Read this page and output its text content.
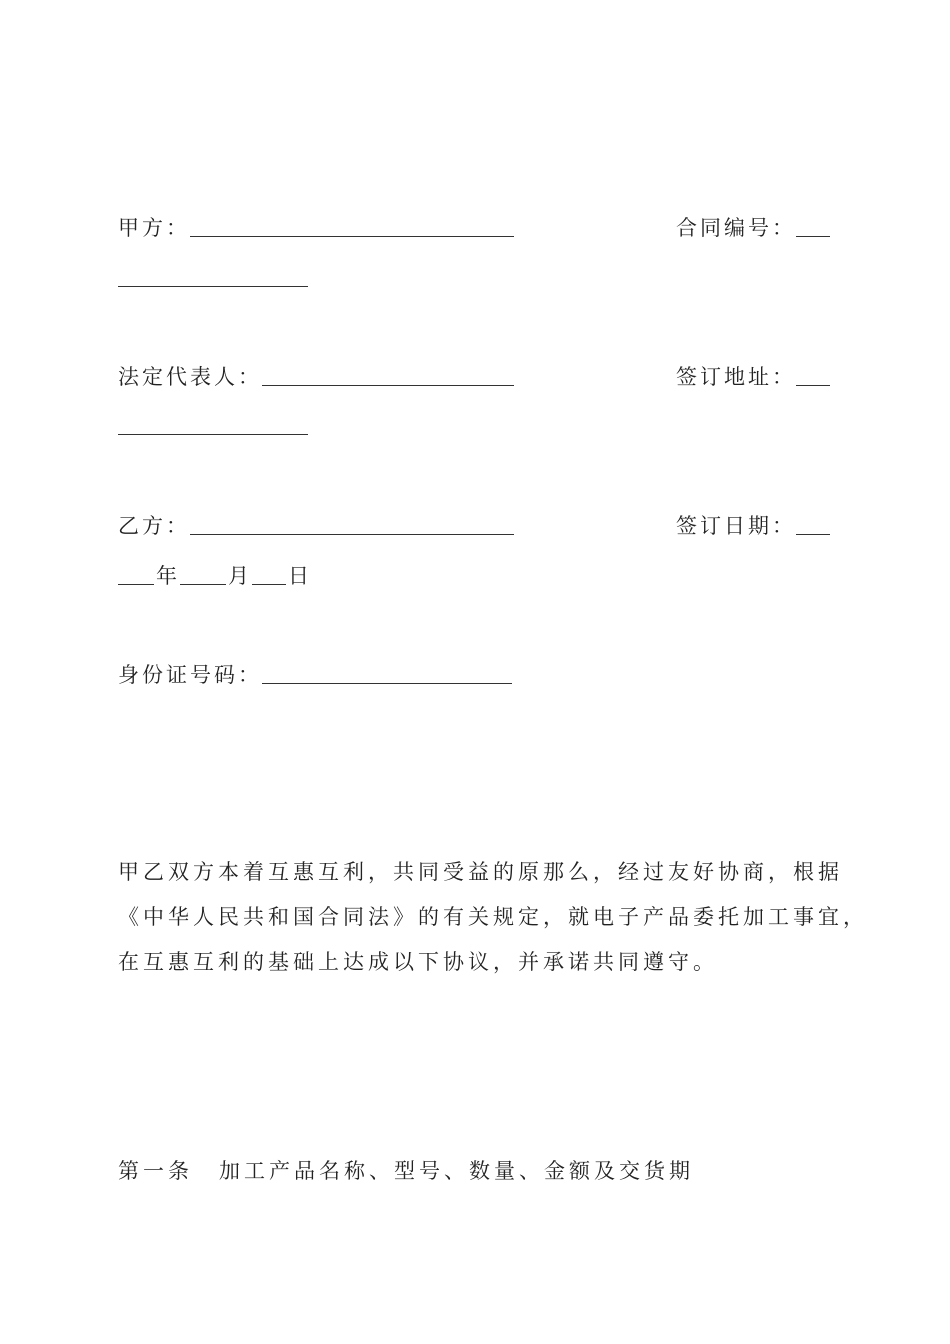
甲方：	合同编号：
法定代表人：	签订地址：
乙方：	签订日期：
年 月 日
身份证号码：
甲乙双方本着互惠互利，共同受益的原那么，经过友好协商，根据
《中华人民共和国合同法》的有关规定，就电子产品委托加工事宜，
在互惠互利的基础上达成以下协议，并承诺共同遵守。
第一条 加工产品名称、型号、数量、金额及交货期
